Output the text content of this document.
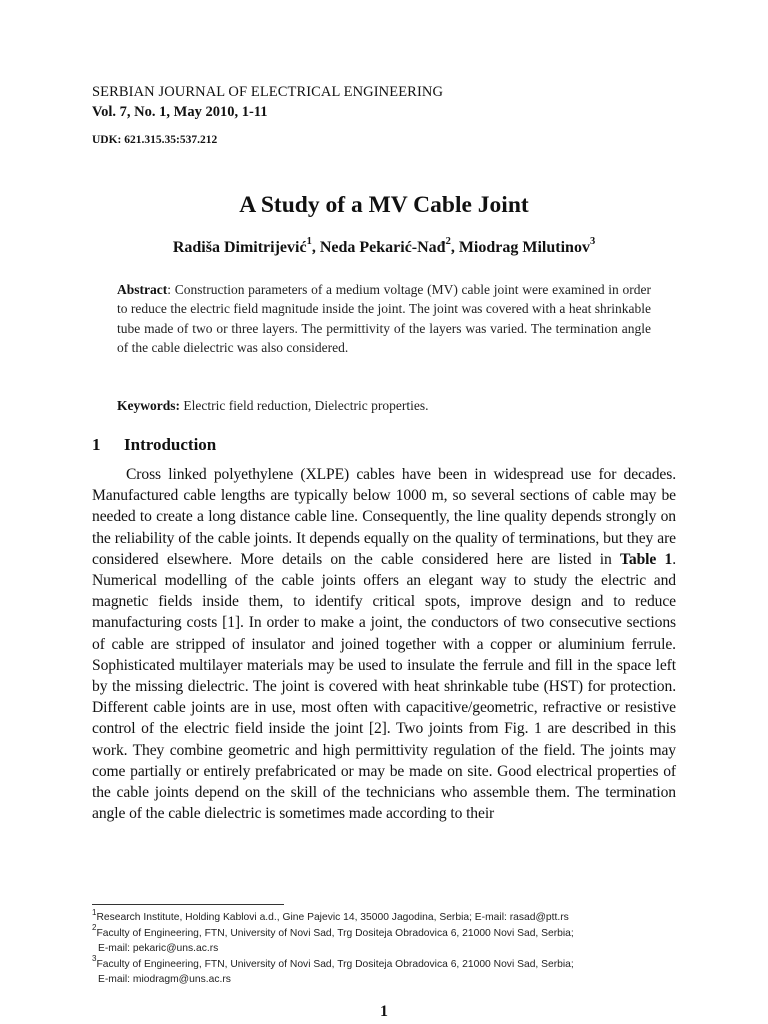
SERBIAN JOURNAL OF ELECTRICAL ENGINEERING
Vol. 7, No. 1, May 2010, 1-11
UDK: 621.315.35:537.212
A Study of a MV Cable Joint
Radiša Dimitrijević$^1$, Neda Pekarić-Nađ$^2$, Miodrag Milutinov$^3$
Abstract: Construction parameters of a medium voltage (MV) cable joint were examined in order to reduce the electric field magnitude inside the joint. The joint was covered with a heat shrinkable tube made of two or three layers. The permittivity of the layers was varied. The termination angle of the cable dielectric was also considered.
Keywords: Electric field reduction, Dielectric properties.
1 Introduction

Cross linked polyethylene (XLPE) cables have been in widespread use for decades. Manufactured cable lengths are typically below 1000 m, so several sections of cable may be needed to create a long distance cable line. Consequently, the line quality depends strongly on the reliability of the cable joints. It depends equally on the quality of terminations, but they are considered elsewhere. More details on the cable considered here are listed in Table 1. Numerical modelling of the cable joints offers an elegant way to study the electric and magnetic fields inside them, to identify critical spots, improve design and to reduce manufacturing costs [1]. In order to make a joint, the conductors of two consecutive sections of cable are stripped of insulator and joined together with a copper or aluminium ferrule. Sophisticated multilayer materials may be used to insulate the ferrule and fill in the space left by the missing dielectric. The joint is covered with heat shrinkable tube (HST) for protection. Different cable joints are in use, most often with capacitive/geometric, refractive or resistive control of the electric field inside the joint [2]. Two joints from Fig. 1 are described in this work. They combine geometric and high permittivity regulation of the field. The joints may come partially or entirely prefabricated or may be made on site. Good electrical properties of the cable joints depend on the skill of the technicians who assemble them. The termination angle of the cable dielectric is sometimes made according to their

$^1$Research Institute, Holding Kablovi a.d., Gine Pajevic 14, 35000 Jagodina, Serbia; E-mail: rasad@ptt.rs
$^2$Faculty of Engineering, FTN, University of Novi Sad, Trg Dositeja Obradovica 6, 21000 Novi Sad, Serbia;
E-mail: pekaric@uns.ac.rs
$^3$Faculty of Engineering, FTN, University of Novi Sad, Trg Dositeja Obradovica 6, 21000 Novi Sad, Serbia;
E-mail: miodragm@uns.ac.rs
1
